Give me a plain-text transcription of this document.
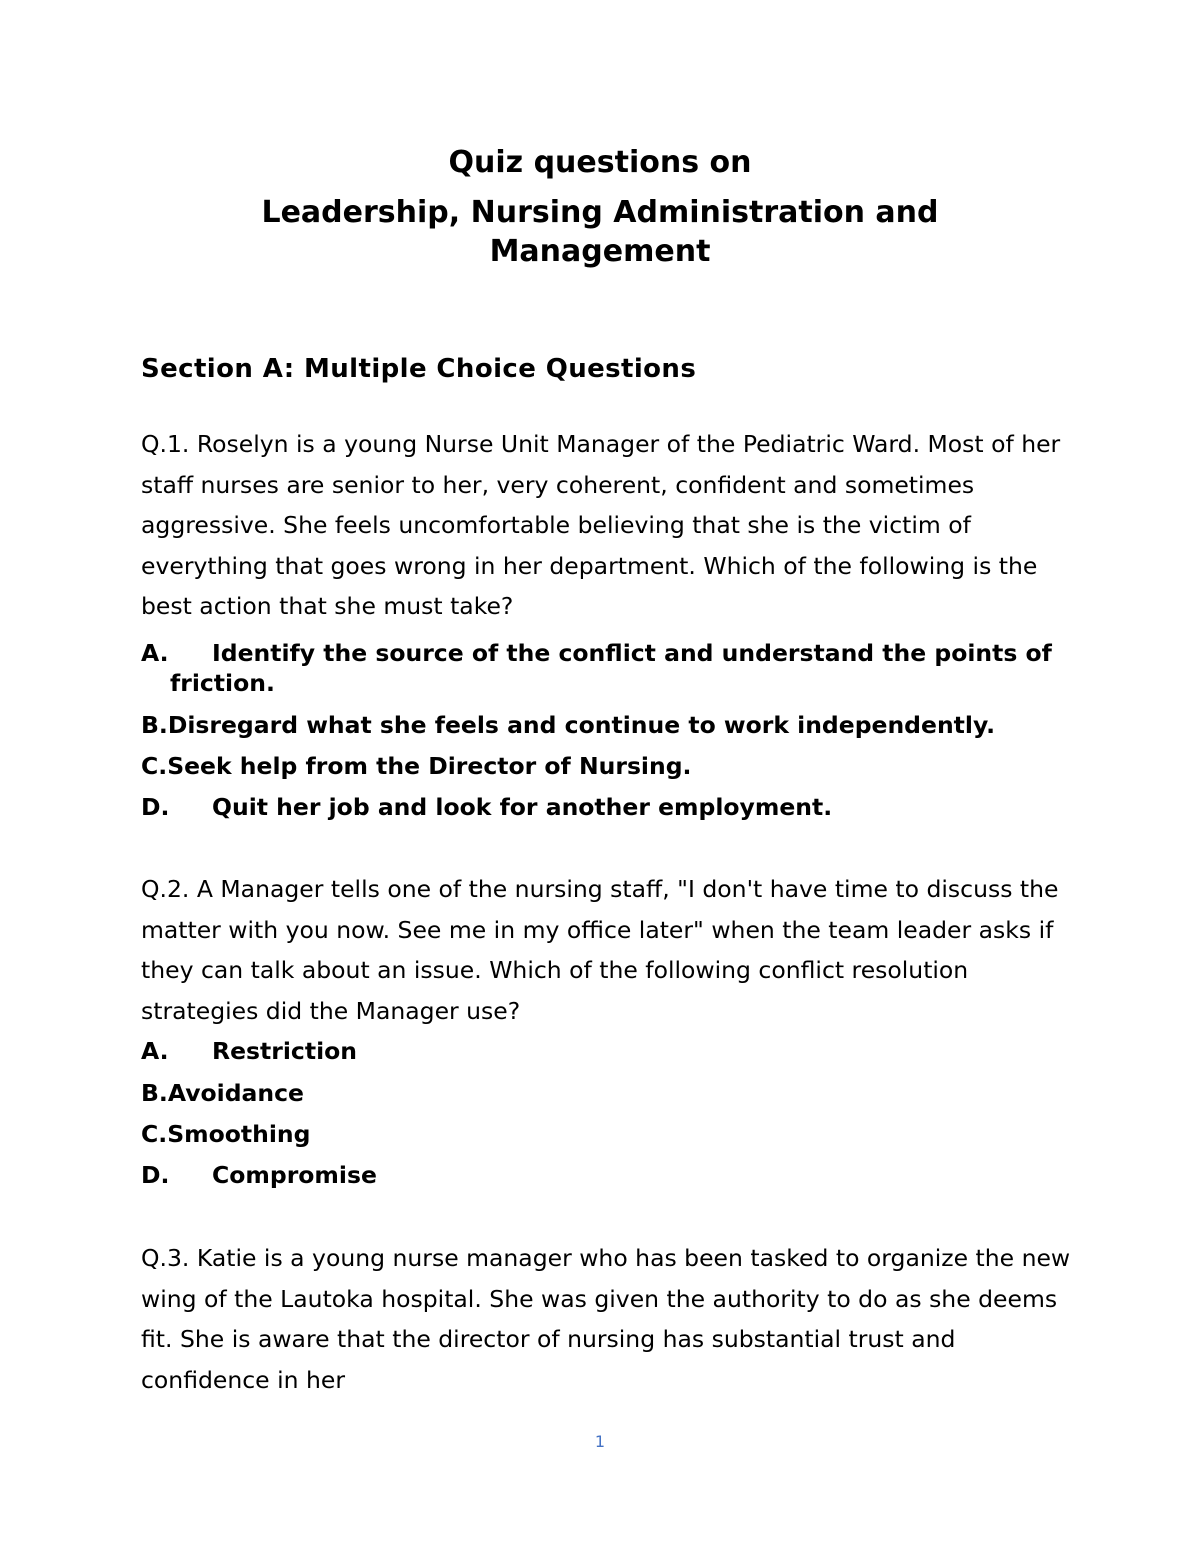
Quiz questions on
Leadership, Nursing Administration and
Management
Section A: Multiple Choice Questions

Q.1. Roselyn is a young Nurse Unit Manager of the Pediatric Ward. Most of her staff nurses are senior to her, very coherent, confident and sometimes aggressive. She feels uncomfortable believing that she is the victim of everything that goes wrong in her department. Which of the following is the best action that she must take?

A. Identify the source of the conflict and understand the points of
friction.
B.Disregard what she feels and continue to work independently.
C.Seek help from the Director of Nursing.
D. Quit her job and look for another employment.

Q.2. A Manager tells one of the nursing staff, "I don't have time to discuss the matter with you now. See me in my office later" when the team leader asks if they can talk about an issue. Which of the following conflict resolution strategies did the Manager use?

A. Restriction
B.Avoidance
C.Smoothing
D. Compromise

Q.3. Katie is a young nurse manager who has been tasked to organize the new wing of the Lautoka hospital. She was given the authority to do as she deems fit. She is aware that the director of nursing has substantial trust and confidence in her

1
